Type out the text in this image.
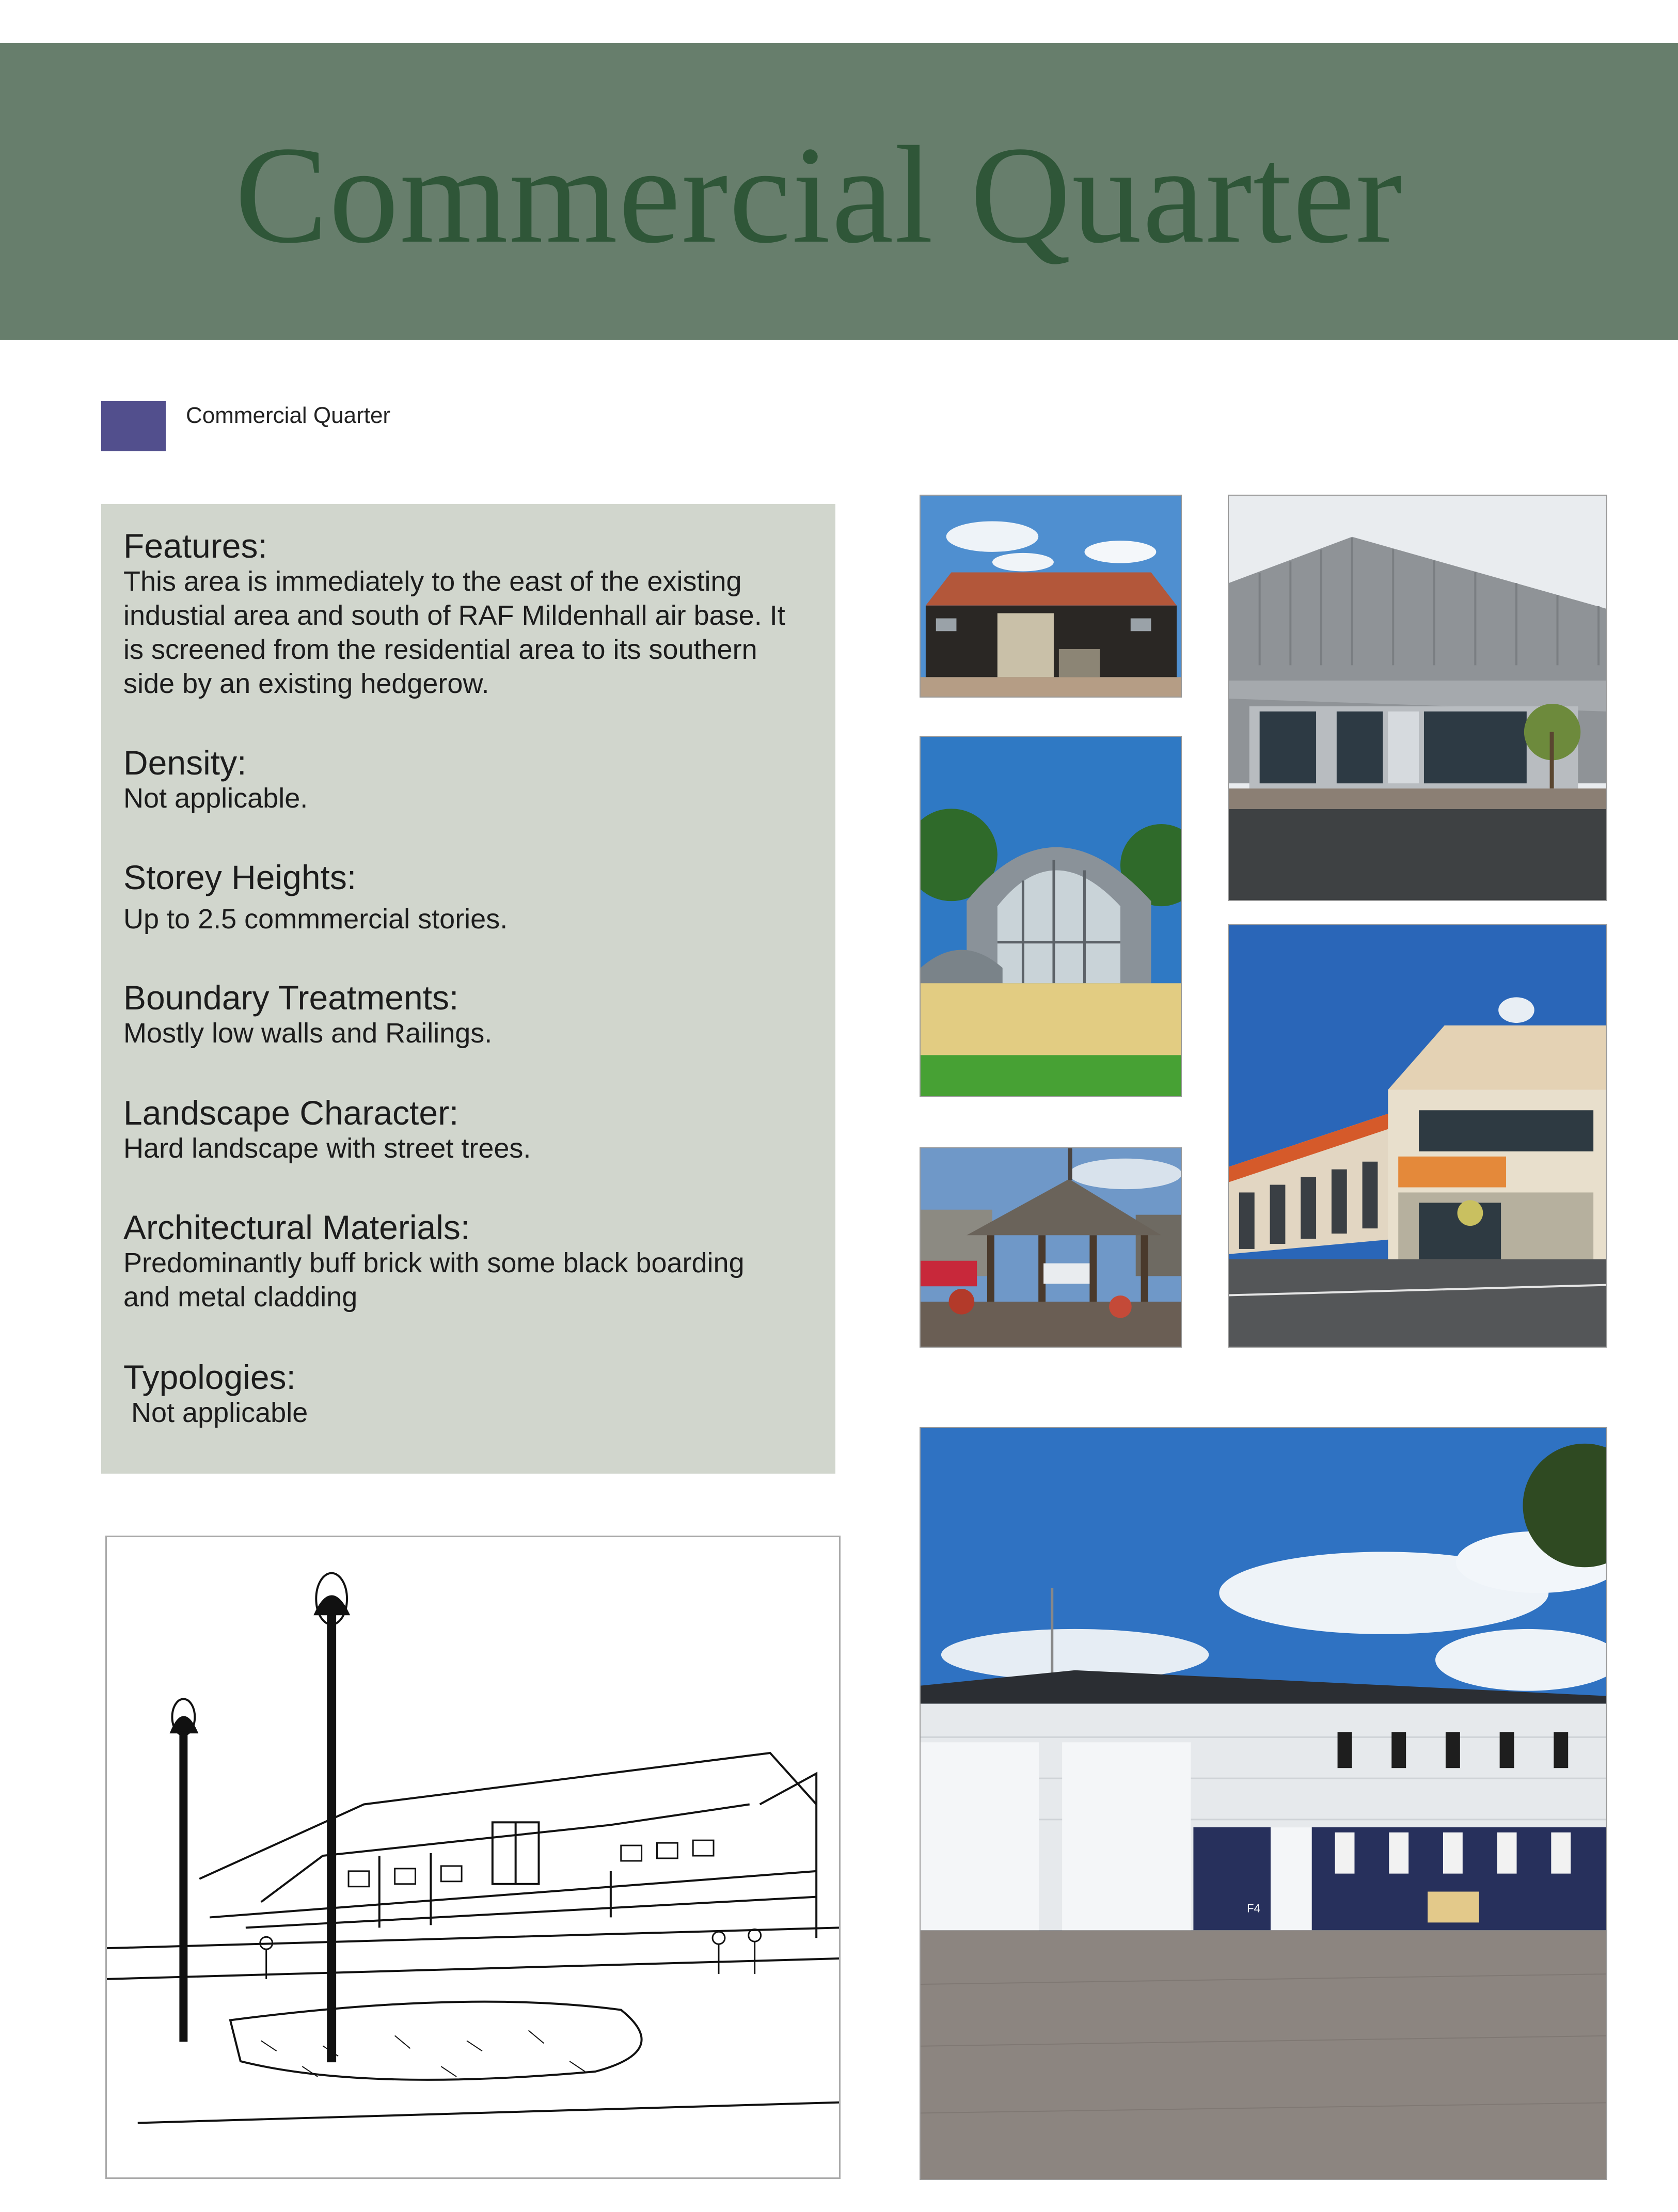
Commercial Quarter
Commercial Quarter
Features:
This area is immediately to the east of the existing industial area and south of RAF Mildenhall air base. It is screened from the residential area to its southern side by an existing hedgerow.
Density:
Not applicable.
Storey Heights:
Up to 2.5 commmercial stories.
Boundary Treatments:
Mostly low walls and Railings.
Landscape Character:
Hard landscape with street trees.
Architectural Materials:
Predominantly buff brick with some black boarding and metal cladding
Typologies:
Not applicable
F4
